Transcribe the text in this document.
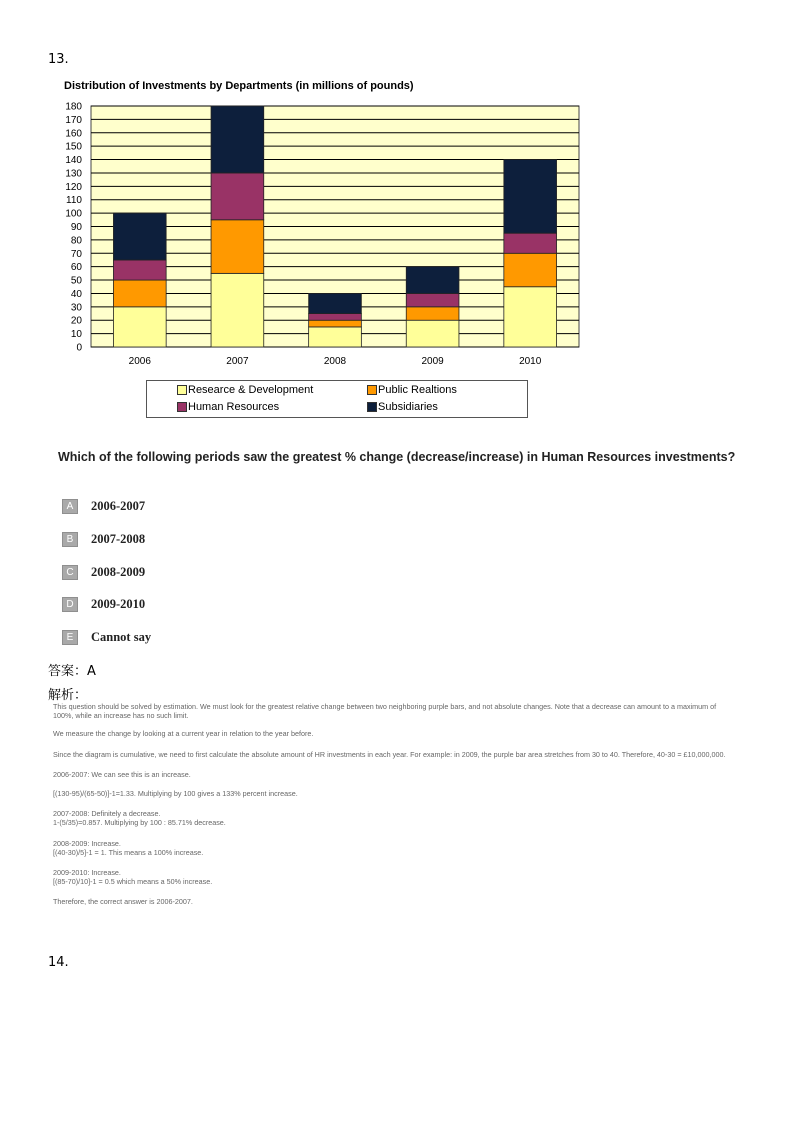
13.
Distribution of Investments by Departments (in millions of pounds)
0
10
20
30
40
50
60
70
80
90
100
110
120
130
140
150
160
170
180
2006	2007	2008	2009	2010
Researce & Development	Public Realtions
Human Resources	Subsidiaries
Which of the following periods saw the greatest % change (decrease/increase) in Human Resources investments?
A	2006-2007
B	2007-2008
C	2008-2009
D	2009-2010
E	Cannot say
答案：A
解析：
This question should be solved by estimation. We must look for the greatest relative change between two neighboring purple bars, and not absolute changes. Note that a decrease can amount to a maximum of
100%, while an increase has no such limit.
We measure the change by looking at a current year in relation to the year before.
Since the diagram is cumulative, we need to first calculate the absolute amount of HR investments in each year. For example: in 2009, the purple bar area stretches from 30 to 40. Therefore, 40-30 = £10,000,000.
2006-2007: We can see this is an increase.
[(130-95)/(65-50)]-1=1.33. Multiplying by 100 gives a 133% percent increase.
2007-2008: Definitely a decrease.
1-(5/35)=0.857. Multiplying by 100 : 85.71% decrease.
2008-2009: Increase.
[(40-30)/5]-1 = 1. This means a 100% increase.
2009-2010: Increase.
[(85-70)/10]-1 = 0.5 which means a 50% increase.
Therefore, the correct answer is 2006-2007.
14.
